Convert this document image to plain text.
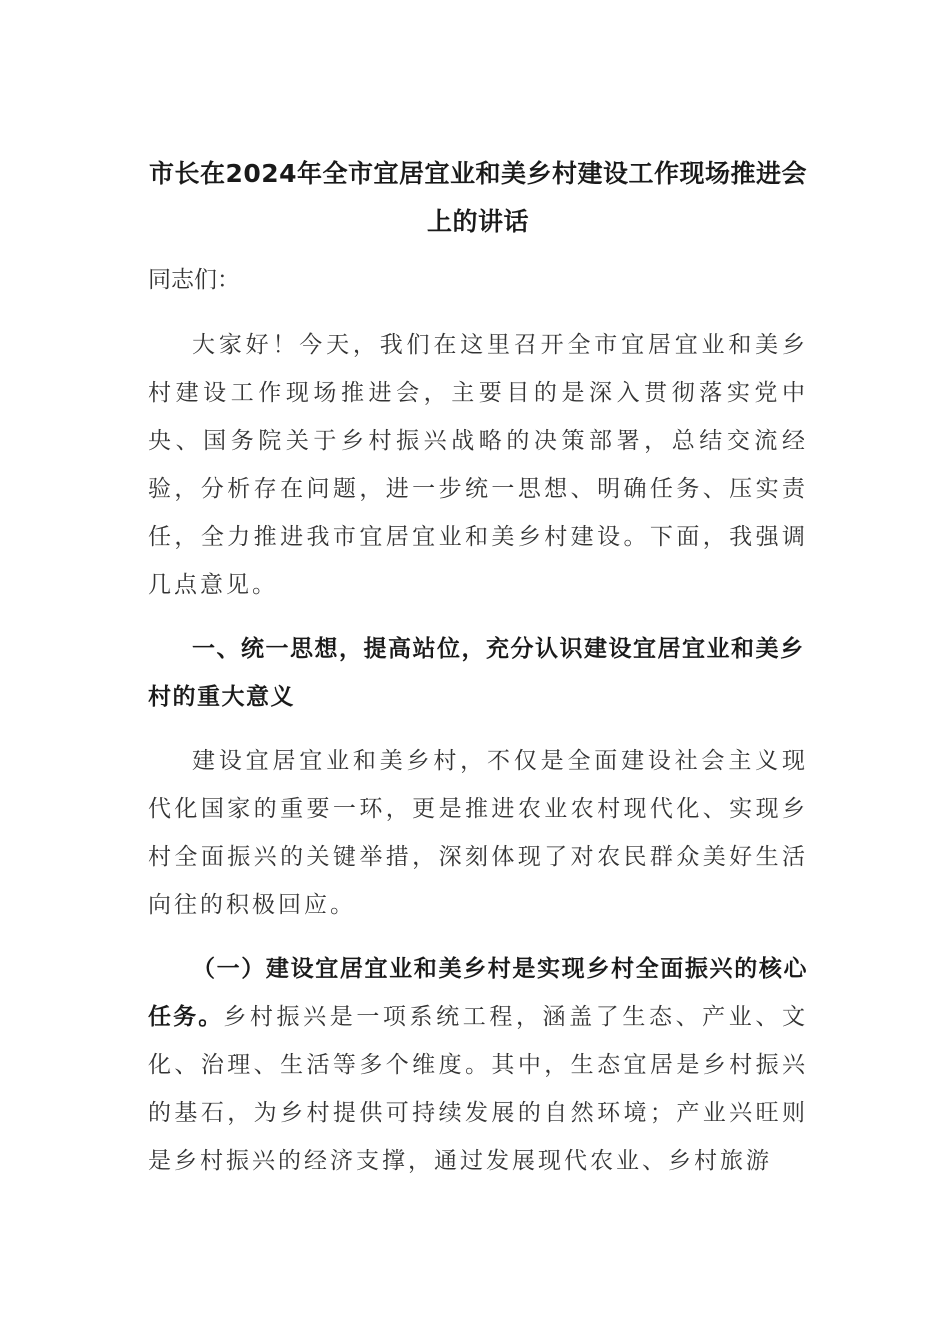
市长在2024年全市宜居宜业和美乡村建设工作现场推进会上的讲话
同志们：

大家好！今天，我们在这里召开全市宜居宜业和美乡村建设工作现场推进会，主要目的是深入贯彻落实党中央、国务院关于乡村振兴战略的决策部署，总结交流经验，分析存在问题，进一步统一思想、明确任务、压实责任，全力推进我市宜居宜业和美乡村建设。下面，我强调几点意见。

一、统一思想，提高站位，充分认识建设宜居宜业和美乡村的重大意义

建设宜居宜业和美乡村，不仅是全面建设社会主义现代化国家的重要一环，更是推进农业农村现代化、实现乡村全面振兴的关键举措，深刻体现了对农民群众美好生活向往的积极回应。

（一）建设宜居宜业和美乡村是实现乡村全面振兴的核心任务。乡村振兴是一项系统工程，涵盖了生态、产业、文化、治理、生活等多个维度。其中，生态宜居是乡村振兴的基石，为乡村提供可持续发展的自然环境；产业兴旺则是乡村振兴的经济支撑，通过发展现代农业、乡村旅游
